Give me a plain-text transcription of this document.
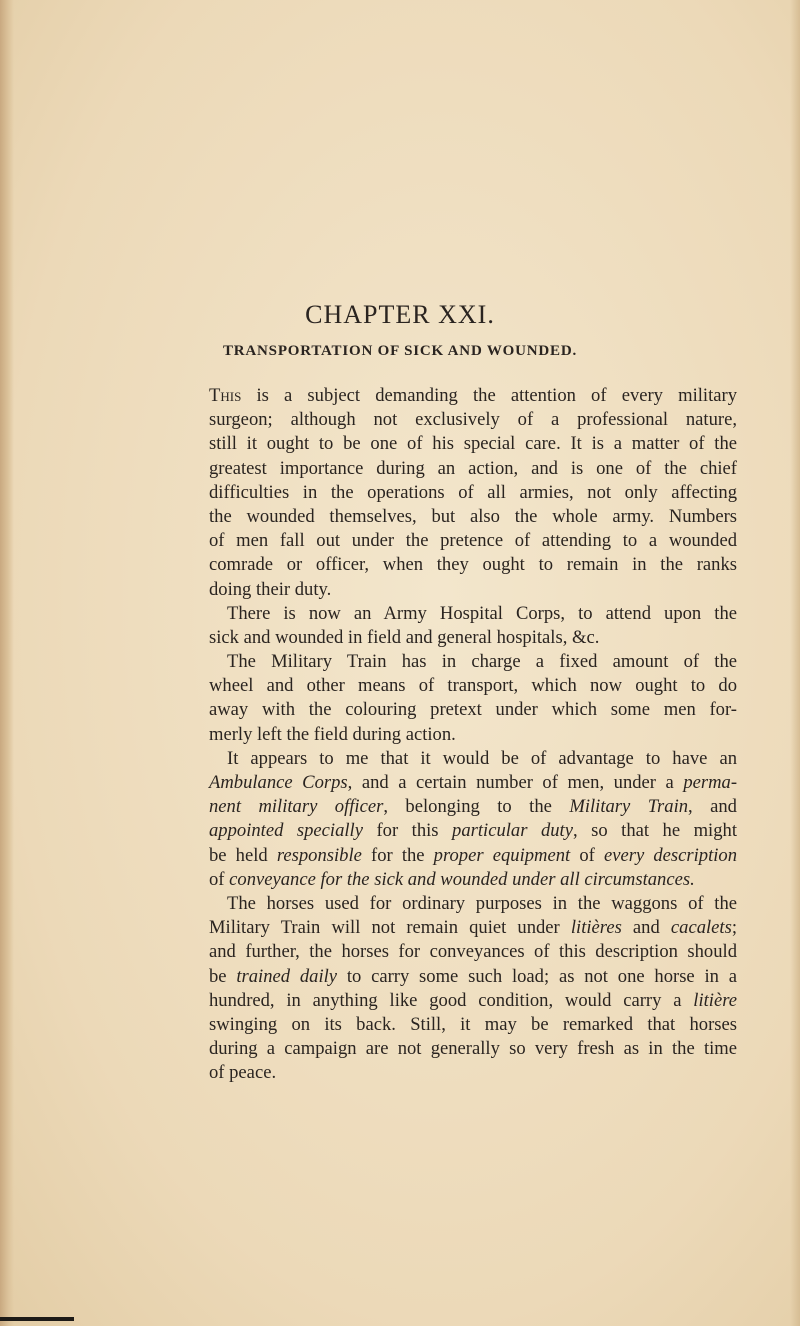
CHAPTER XXI.
TRANSPORTATION OF SICK AND WOUNDED.
This is a subject demanding the attention of every military
surgeon; although not exclusively of a professional nature,
still it ought to be one of his special care. It is a matter of the
greatest importance during an action, and is one of the chief
difficulties in the operations of all armies, not only affecting
the wounded themselves, but also the whole army. Numbers
of men fall out under the pretence of attending to a wounded
comrade or officer, when they ought to remain in the ranks
doing their duty.
There is now an Army Hospital Corps, to attend upon the
sick and wounded in field and general hospitals, &c.
The Military Train has in charge a fixed amount of the
wheel and other means of transport, which now ought to do
away with the colouring pretext under which some men for-
merly left the field during action.
It appears to me that it would be of advantage to have an
Ambulance Corps, and a certain number of men, under a perma-
nent military officer, belonging to the Military Train, and
appointed specially for this particular duty, so that he might
be held responsible for the proper equipment of every description
of conveyance for the sick and wounded under all circumstances.
The horses used for ordinary purposes in the waggons of the
Military Train will not remain quiet under litières and cacalets;
and further, the horses for conveyances of this description should
be trained daily to carry some such load; as not one horse in a
hundred, in anything like good condition, would carry a litière
swinging on its back. Still, it may be remarked that horses
during a campaign are not generally so very fresh as in the time
of peace.
